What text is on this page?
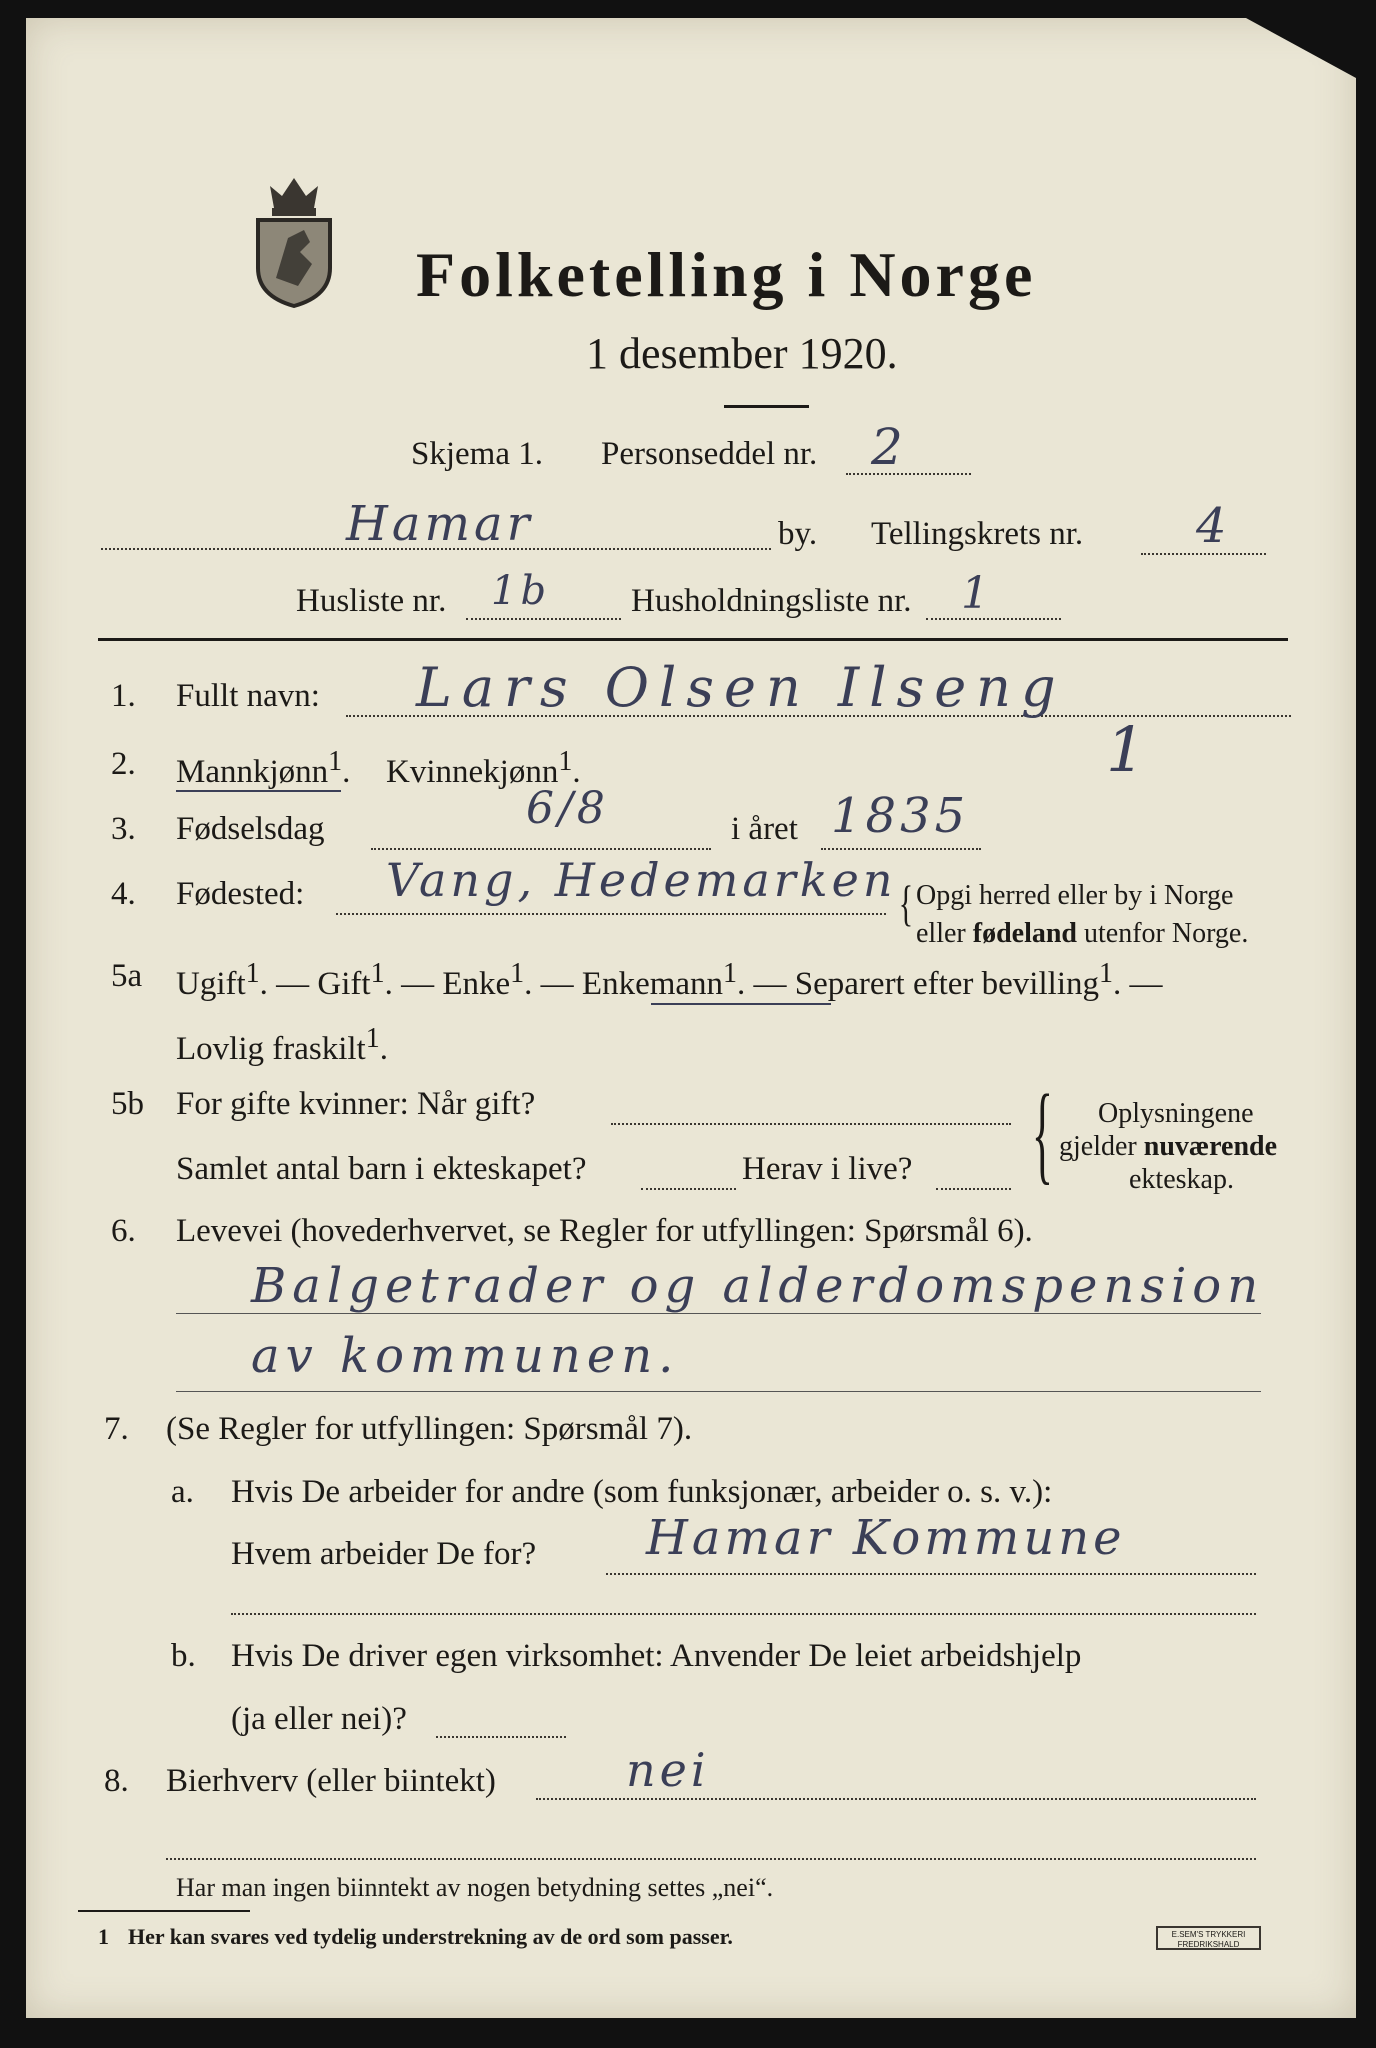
Folketelling i Norge
1 desember 1920.
Skjema 1. Personseddel nr. 2
Hamar	by. Tellingskrets nr. 4
Husliste nr. 1b Husholdningsliste nr. 1
1. Fullt navn: Lars Olsen Ilseng
2. Mannkjønn$^1$. Kvinnekjønn$^1$.	1
3. Fødselsdag	6/8	i året 1835
4. Fødested: Vang, Hedemarken { Opgi herred eller by i Norge
eller fødeland utenfor Norge.
5a Ugift$^1$. — Gift$^1$. — Enke$^1$. — Enkemann$^1$. — Separert efter bevilling$^1$. —
Lovlig fraskilt$^1$.
5b For gifte kvinner: Når gift?
Samlet antal barn i ekteskapet?	Herav i live? { Oplysningene
gjelder nuværende
ekteskap.
6. Levevei (hovederhvervet, se Regler for utfyllingen: Spørsmål 6).
Balgetrader og alderdomspension
av kommunen.
7. (Se Regler for utfyllingen: Spørsmål 7).
a. Hvis De arbeider for andre (som funksjonær, arbeider o. s. v.):
Hvem arbeider De for? Hamar Kommune
b. Hvis De driver egen virksomhet: Anvender De leiet arbeidshjelp
(ja eller nei)?
8. Bierhverv (eller biintekt)	nei
Har man ingen biinntekt av nogen betydning settes „nei“.
1 Her kan svares ved tydelig understrekning av de ord som passer.	E.SEM'S TRYKKERI
FREDRIKSHALD
